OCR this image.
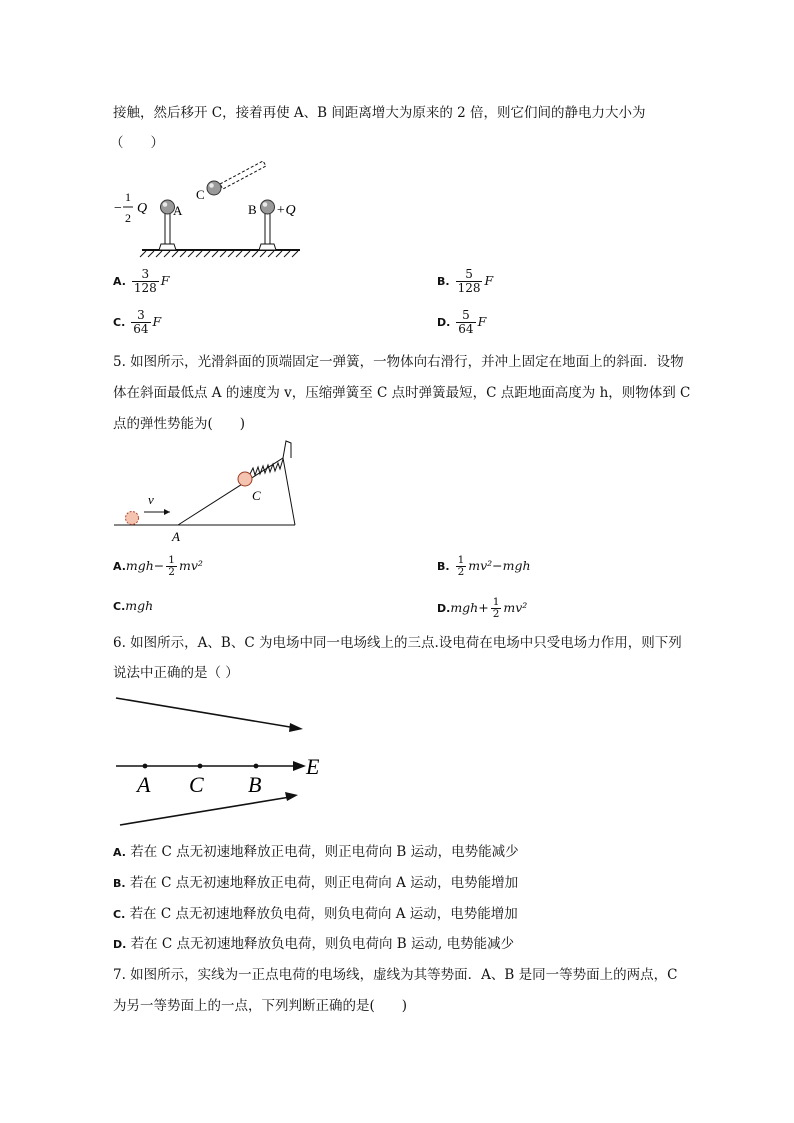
接触，然后移开 C，接着再使 A、B 间距离增大为原来的 2 倍，则它们间的静电力大小为
（　　）
−
1
2
Q A	B +Q
C
A. $\frac{3}{128}$ F	B. $\frac{5}{128}$ F
C. $\frac{3}{64}$ F	D. $\frac{5}{64}$ F
5. 如图所示，光滑斜面的顶端固定一弹簧，一物体向右滑行，并冲上固定在地面上的斜面．设物
体在斜面最低点 A 的速度为 v，压缩弹簧至 C 点时弹簧最短，C 点距地面高度为 h，则物体到 C
点的弹性势能为(　　)
v
A
C
$A.mgh- \frac{1}{2} mv^2$	B. $\frac{1}{2} mv^2-mgh$
C.mgh	$D.mgh+ \frac{1}{2} mv^2$
6. 如图所示，A、B、C 为电场中同一电场线上的三点.设电荷在电场中只受电场力作用，则下列
说法中正确的是（ ）
A C B
E
A. 若在 C 点无初速地释放正电荷，则正电荷向 B 运动，电势能减少
B. 若在 C 点无初速地释放正电荷，则正电荷向 A 运动，电势能增加
C. 若在 C 点无初速地释放负电荷，则负电荷向 A 运动，电势能增加
D. 若在 C 点无初速地释放负电荷，则负电荷向 B 运动, 电势能减少
7. 如图所示，实线为一正点电荷的电场线，虚线为其等势面．A、B 是同一等势面上的两点，C
为另一等势面上的一点，下列判断正确的是(　　)
